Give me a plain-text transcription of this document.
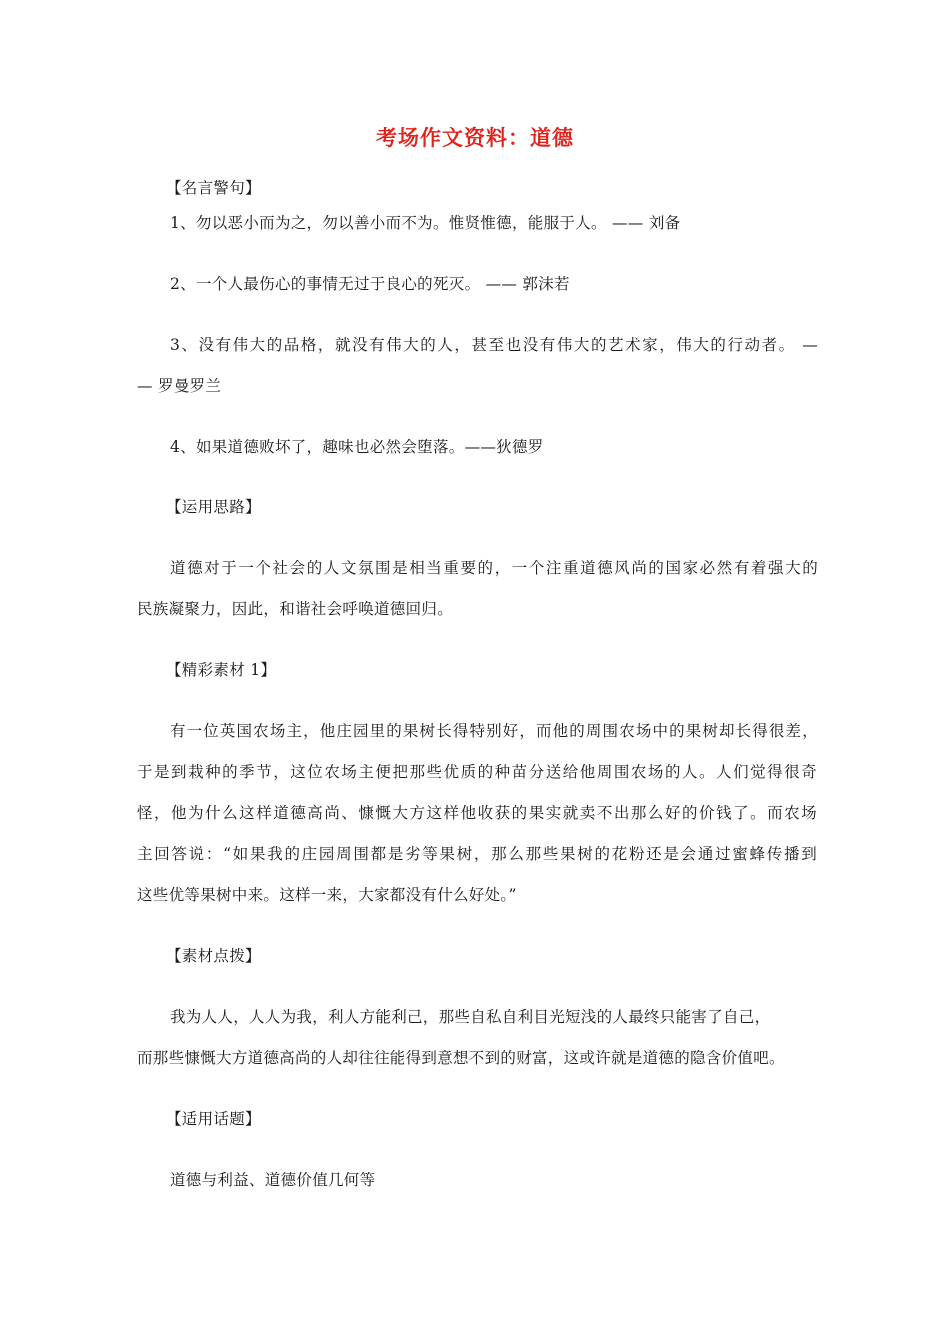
考场作文资料：道德
【名言警句】
1、勿以恶小而为之，勿以善小而不为。惟贤惟德，能服于人。 —— 刘备
2、一个人最伤心的事情无过于良心的死灭。 —— 郭沫若
3、没有伟大的品格，就没有伟大的人，甚至也没有伟大的艺术家，伟大的行动者。 —
— 罗曼罗兰
4、如果道德败坏了，趣味也必然会堕落。——狄德罗
【运用思路】
道德对于一个社会的人文氛围是相当重要的，一个注重道德风尚的国家必然有着强大的
民族凝聚力，因此，和谐社会呼唤道德回归。
【精彩素材 1】
有一位英国农场主，他庄园里的果树长得特别好，而他的周围农场中的果树却长得很差，
于是到栽种的季节，这位农场主便把那些优质的种苗分送给他周围农场的人。人们觉得很奇
怪，他为什么这样道德高尚、慷慨大方这样他收获的果实就卖不出那么好的价钱了。而农场
主回答说：“如果我的庄园周围都是劣等果树，那么那些果树的花粉还是会通过蜜蜂传播到
这些优等果树中来。这样一来，大家都没有什么好处。”
【素材点拨】
我为人人，人人为我，利人方能利己，那些自私自利目光短浅的人最终只能害了自己，
而那些慷慨大方道德高尚的人却往往能得到意想不到的财富，这或许就是道德的隐含价值吧。
【适用话题】
道德与利益、道德价值几何等
